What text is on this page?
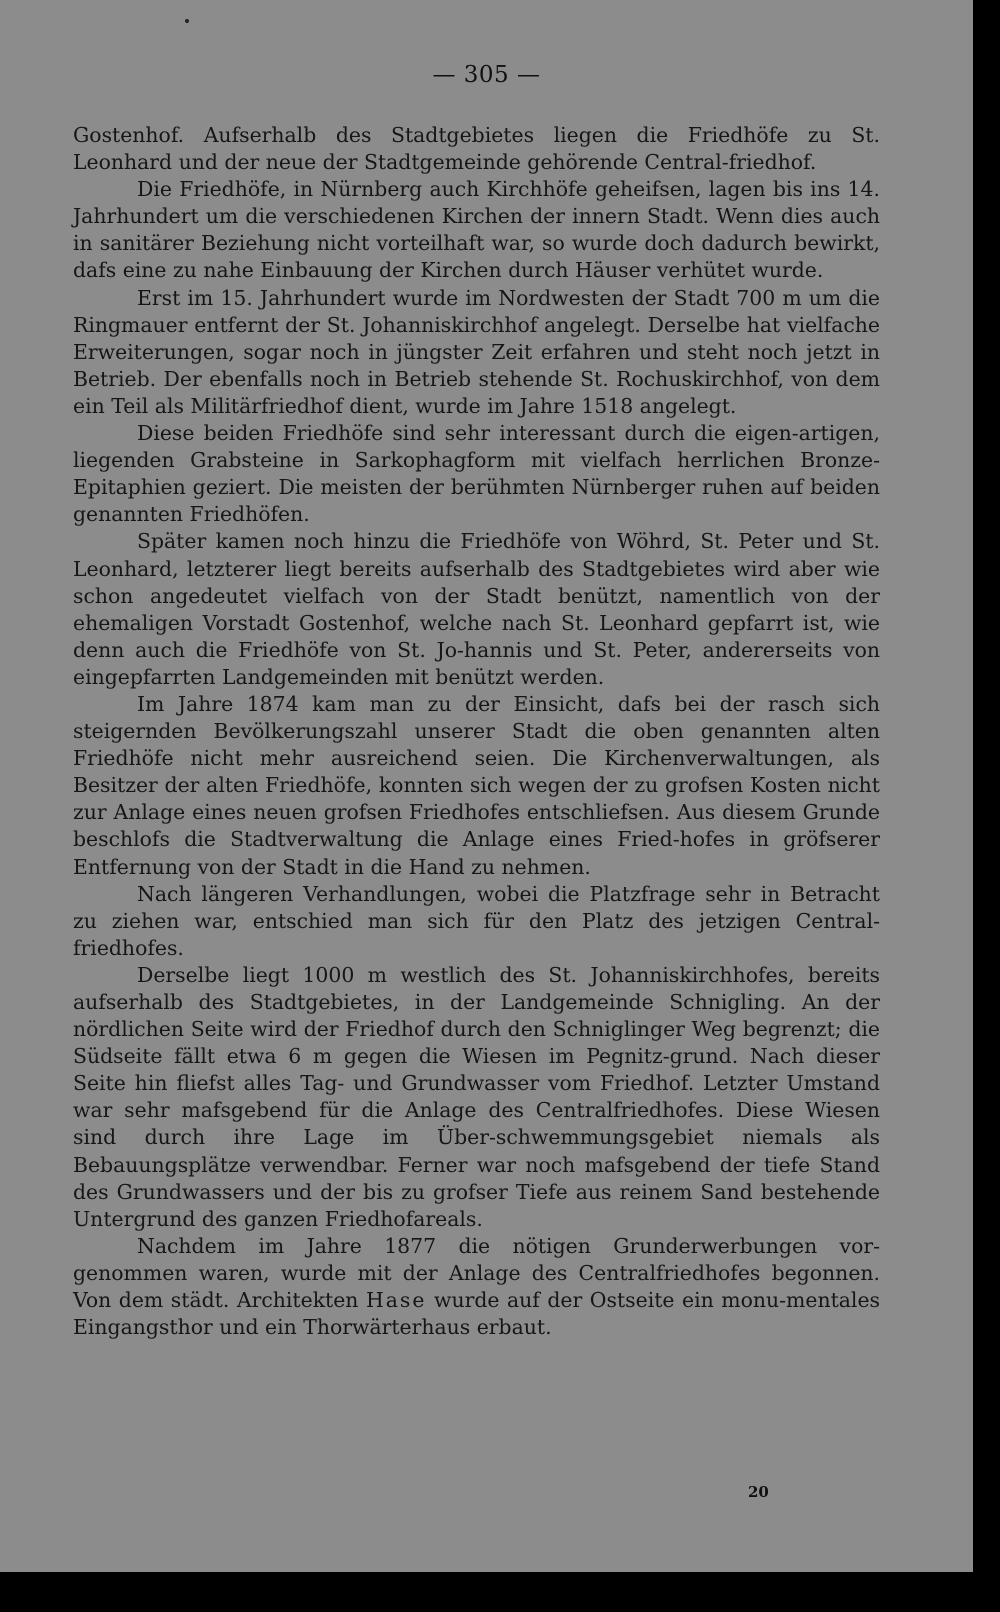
— 305 —

Gostenhof. Aufserhalb des Stadtgebietes liegen die Friedhöfe zu St. Leonhard und der neue der Stadtgemeinde gehörende Central-friedhof.

Die Friedhöfe, in Nürnberg auch Kirchhöfe geheifsen, lagen bis ins 14. Jahrhundert um die verschiedenen Kirchen der innern Stadt. Wenn dies auch in sanitärer Beziehung nicht vorteilhaft war, so wurde doch dadurch bewirkt, dafs eine zu nahe Einbauung der Kirchen durch Häuser verhütet wurde.

Erst im 15. Jahrhundert wurde im Nordwesten der Stadt 700 m um die Ringmauer entfernt der St. Johanniskirchhof angelegt. Derselbe hat vielfache Erweiterungen, sogar noch in jüngster Zeit erfahren und steht noch jetzt in Betrieb. Der ebenfalls noch in Betrieb stehende St. Rochuskirchhof, von dem ein Teil als Militärfriedhof dient, wurde im Jahre 1518 angelegt.

Diese beiden Friedhöfe sind sehr interessant durch die eigen-artigen, liegenden Grabsteine in Sarkophagform mit vielfach herrlichen Bronze-Epitaphien geziert. Die meisten der berühmten Nürnberger ruhen auf beiden genannten Friedhöfen.

Später kamen noch hinzu die Friedhöfe von Wöhrd, St. Peter und St. Leonhard, letzterer liegt bereits aufserhalb des Stadtgebietes wird aber wie schon angedeutet vielfach von der Stadt benützt, namentlich von der ehemaligen Vorstadt Gostenhof, welche nach St. Leonhard gepfarrt ist, wie denn auch die Friedhöfe von St. Jo-hannis und St. Peter, andererseits von eingepfarrten Landgemeinden mit benützt werden.

Im Jahre 1874 kam man zu der Einsicht, dafs bei der rasch sich steigernden Bevölkerungszahl unserer Stadt die oben genannten alten Friedhöfe nicht mehr ausreichend seien. Die Kirchenverwaltungen, als Besitzer der alten Friedhöfe, konnten sich wegen der zu grofsen Kosten nicht zur Anlage eines neuen grofsen Friedhofes entschliefsen. Aus diesem Grunde beschlofs die Stadtverwaltung die Anlage eines Fried-hofes in gröfserer Entfernung von der Stadt in die Hand zu nehmen.

Nach längeren Verhandlungen, wobei die Platzfrage sehr in Betracht zu ziehen war, entschied man sich für den Platz des jetzigen Central-friedhofes.

Derselbe liegt 1000 m westlich des St. Johanniskirchhofes, bereits aufserhalb des Stadtgebietes, in der Landgemeinde Schnigling. An der nördlichen Seite wird der Friedhof durch den Schniglinger Weg begrenzt; die Südseite fällt etwa 6 m gegen die Wiesen im Pegnitz-grund. Nach dieser Seite hin fliefst alles Tag- und Grundwasser vom Friedhof. Letzter Umstand war sehr mafsgebend für die Anlage des Centralfriedhofes. Diese Wiesen sind durch ihre Lage im Über-schwemmungsgebiet niemals als Bebauungsplätze verwendbar. Ferner war noch mafsgebend der tiefe Stand des Grundwassers und der bis zu grofser Tiefe aus reinem Sand bestehende Untergrund des ganzen Friedhofareals.

Nachdem im Jahre 1877 die nötigen Grunderwerbungen vor-genommen waren, wurde mit der Anlage des Centralfriedhofes begonnen. Von dem städt. Architekten Hase wurde auf der Ostseite ein monu-mentales Eingangsthor und ein Thorwärterhaus erbaut.

20
